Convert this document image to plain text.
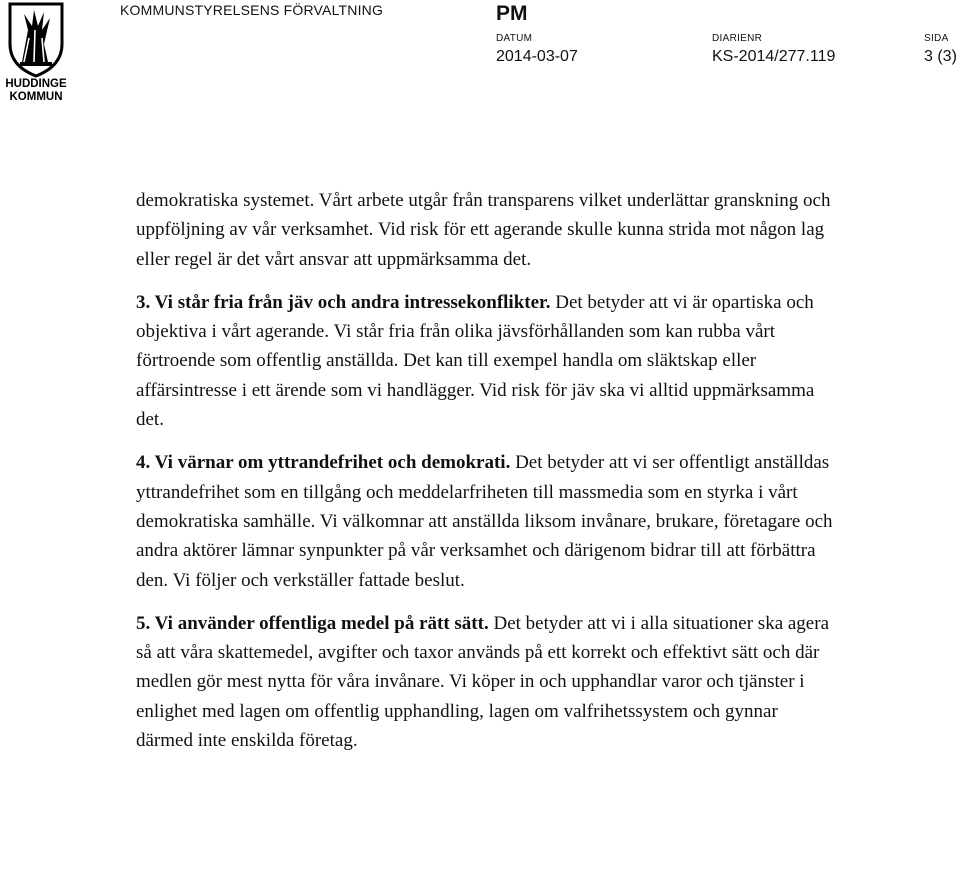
HUDDINGE
KOMMUN
KOMMUNSTYRELSENS FÖRVALTNING	PM
DATUM
2014-03-07
DIARIENR
KS-2014/277.119
SIDA
3 (3)

demokratiska systemet. Vårt arbete utgår från transparens vilket underlättar granskning och uppföljning av vår verksamhet. Vid risk för ett agerande skulle kunna strida mot någon lag eller regel är det vårt ansvar att uppmärksamma det.

3. Vi står fria från jäv och andra intressekonflikter. Det betyder att vi är opartiska och objektiva i vårt agerande. Vi står fria från olika jävsförhållanden som kan rubba vårt förtroende som offentlig anställda. Det kan till exempel handla om släktskap eller affärsintresse i ett ärende som vi handlägger. Vid risk för jäv ska vi alltid uppmärksamma det.

4. Vi värnar om yttrandefrihet och demokrati. Det betyder att vi ser offentligt anställdas yttrandefrihet som en tillgång och meddelarfriheten till massmedia som en styrka i vårt demokratiska samhälle. Vi välkomnar att anställda liksom invånare, brukare, företagare och andra aktörer lämnar synpunkter på vår verksamhet och därigenom bidrar till att förbättra den. Vi följer och verkställer fattade beslut.

5. Vi använder offentliga medel på rätt sätt. Det betyder att vi i alla situationer ska agera så att våra skattemedel, avgifter och taxor används på ett korrekt och effektivt sätt och där medlen gör mest nytta för våra invånare. Vi köper in och upphandlar varor och tjänster i enlighet med lagen om offentlig upphandling, lagen om valfrihetssystem och gynnar därmed inte enskilda företag.
